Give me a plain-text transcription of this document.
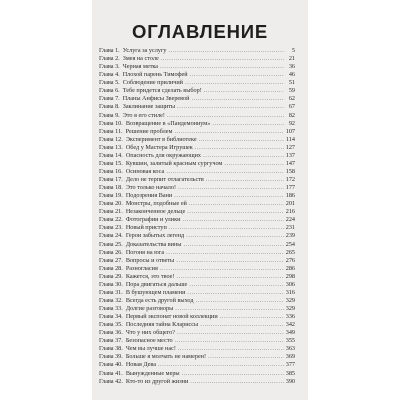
ОГЛАВЛЕНИЕ
Глава 1. Услуга за услугу .....	5
Глава 2. Змея на столе .....	21
Глава 3. Черная метка .....	36
Глава 4. Плохой парень Тимофей .....	46
Глава 5. Соблюдение приличий .....	51
Глава 6. Тебе придется сделать выбор! .....	59
Глава 7. Планы Анфисы Зверевой .....	62
Глава 8. Заклинание защиты .....	67
Глава 9. Это в его стиле! .....	82
Глава 10. Возвращение в «Пандемониум» .....	92
Глава 11. Решение проблем .....	107
Глава 12. Эксперимент в библиотеке .....	114
Глава 13. Обед у Мастера Игрушек .....	127
Глава 14. Опасность для окружающих .....	137
Глава 15. Кувшин, залитый красным сургучом .....	147
Глава 16. Осиновая коса .....	158
Глава 17. Дело не терпит отлагательств .....	172
Глава 18. Это только начало! .....	177
Глава 19. Подозрения Вани .....	186
Глава 20. Монстры, подобные ей .....	201
Глава 21. Незаконченное дельце .....	216
Глава 22. Фотографии и улики .....	224
Глава 23. Новый приступ .....	231
Глава 24. Герои забытых легенд .....	239
Глава 25. Доказательства вины .....	254
Глава 26. Погоня на юга .....	265
Глава 27. Вопросы и ответы .....	276
Глава 28. Разногласия .....	286
Глава 29. Кажется, это твое! .....	298
Глава 30. Пора двигаться дальше .....	306
Глава 31. В бушующем пламени .....	316
Глава 32. Всегда есть другой выход .....	329
Глава 33. Долгие разговоры .....	329
Глава 34. Первый экспонат новой коллекции .....	336
Глава 35. Последняя тайна Клариссы .....	342
Глава 36. Что у них общего? .....	349
Глава 37. Безопасное место .....	355
Глава 38. Чем вы лучше нас! .....	363
Глава 39. Больше я молчать не намерен! .....	369
Глава 40. Новая Дева .....	377
Глава 41. Вынужденные меры .....	385
Глава 42. Кто-то из другой жизни .....	390
